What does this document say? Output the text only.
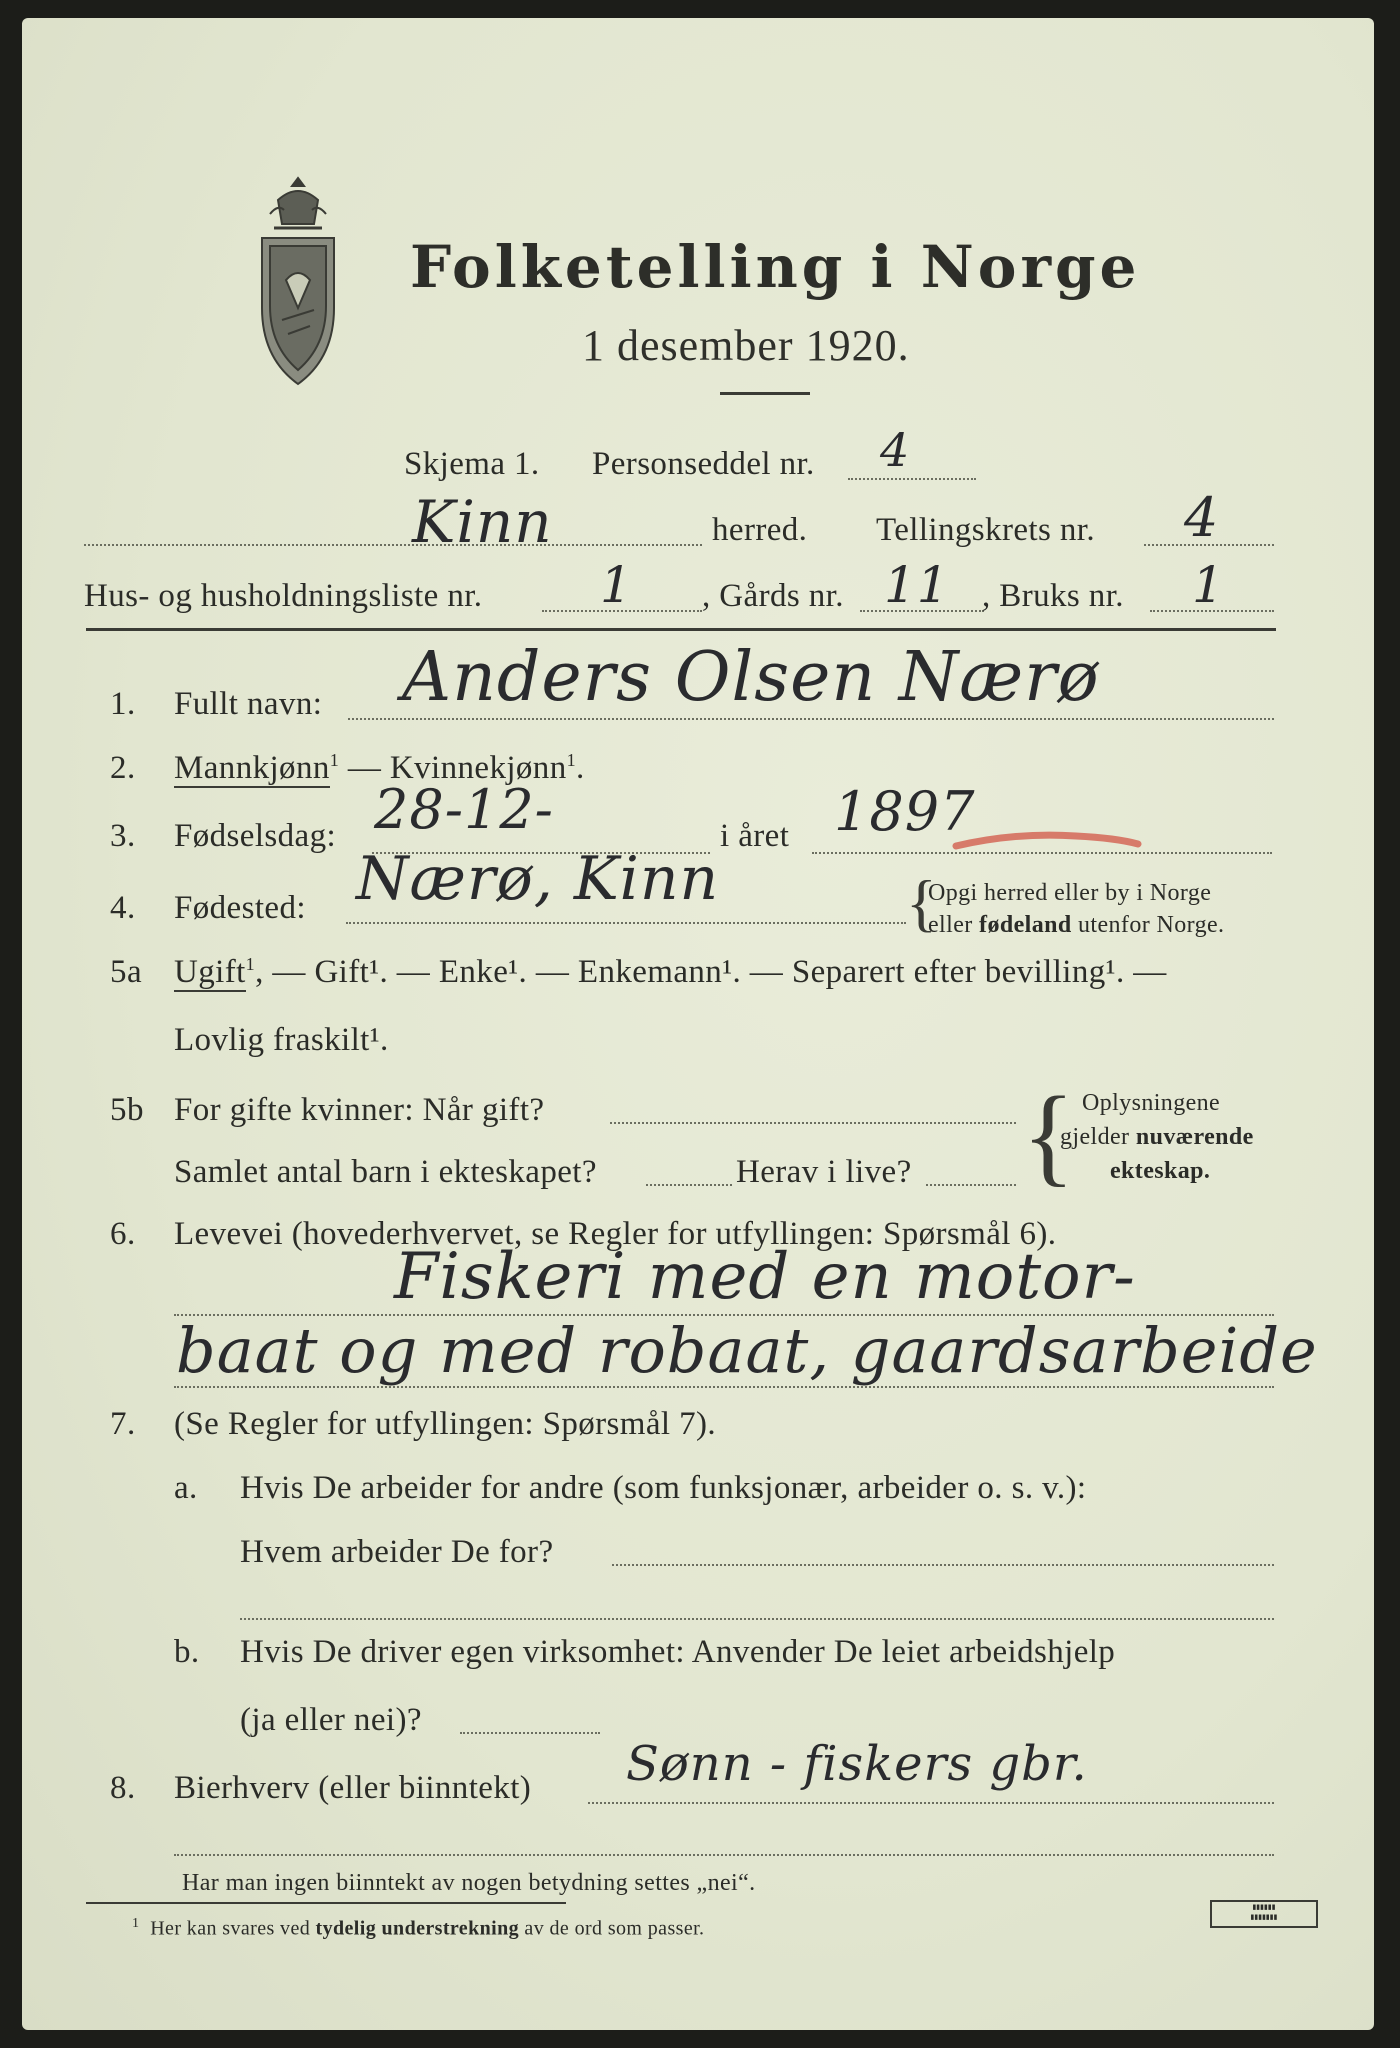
Folketelling i Norge
1 desember 1920.
Skjema 1. Personseddel nr. 4
Kinn	herred. Tellingskrets nr. 4
Hus- og husholdningsliste nr. 1 , Gårds nr. 11 , Bruks nr. 1
1. Fullt navn: Anders Olsen Nærø
2. Mannkjønn$^1$ — Kvinnekjønn$^1$.
3. Fødselsdag: 28-12-	i året 1897
4. Fødested: Nærø, Kinn	{
Opgi herred eller by i Norge
eller fødeland utenfor Norge.
5a Ugift$^1$, — Gift¹. — Enke¹. — Enkemann¹. — Separert efter bevilling¹. —
Lovlig fraskilt¹.
5b For gifte kvinner: Når gift?
Samlet antal barn i ekteskapet?	Herav i live? { Oplysningene
gjelder nuværende
ekteskap.
6. Levevei (hovederhvervet, se Regler for utfyllingen: Spørsmål 6).
Fiskeri med en motor-
baat og med robaat, gaardsarbeide
7. (Se Regler for utfyllingen: Spørsmål 7).
a. Hvis De arbeider for andre (som funksjonær, arbeider o. s. v.):
Hvem arbeider De for?
b. Hvis De driver egen virksomhet: Anvender De leiet arbeidshjelp
(ja eller nei)?
8. Bierhverv (eller biinntekt) Sønn - fiskers gbr.
Har man ingen biinntekt av nogen betydning settes „nei“.
$^1$ Her kan svares ved tydelig understrekning av de ord som passer.
▮▮▮▮▮▮
▮▮▮▮▮▮▮
